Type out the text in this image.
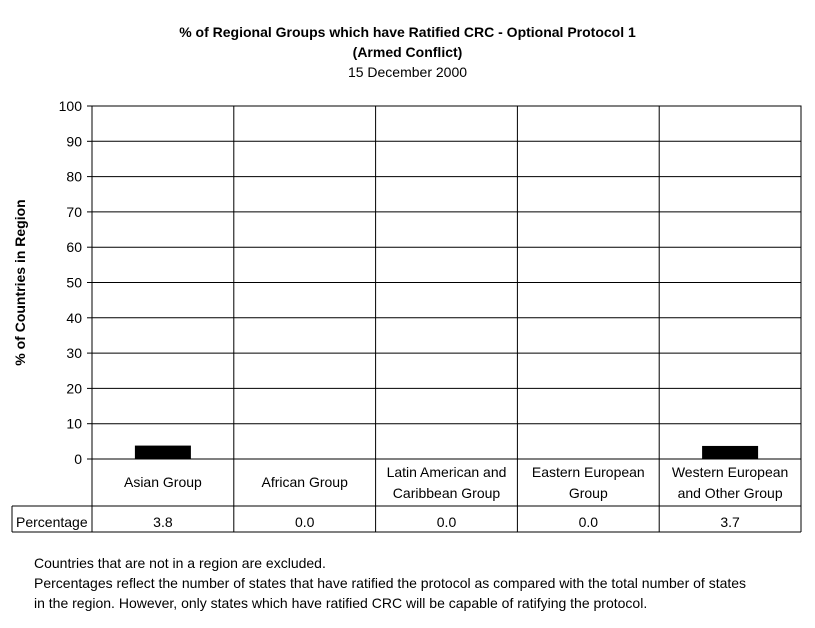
% of Regional Groups which have Ratified CRC - Optional Protocol 1
(Armed Conflict)
15 December 2000
0
10
20
30
40
50
60
70
80
90
100
Percentage
Asian Group
3.8
African Group
0.0
Latin American and
Caribbean Group
0.0
Eastern European
Group
0.0
Western European
and Other Group
3.7
% of Countries in Region
Countries that are not in a region are excluded.
Percentages reflect the number of states that have ratified the protocol as compared with the total number of states
in the region. However, only states which have ratified CRC will be capable of ratifying the protocol.
